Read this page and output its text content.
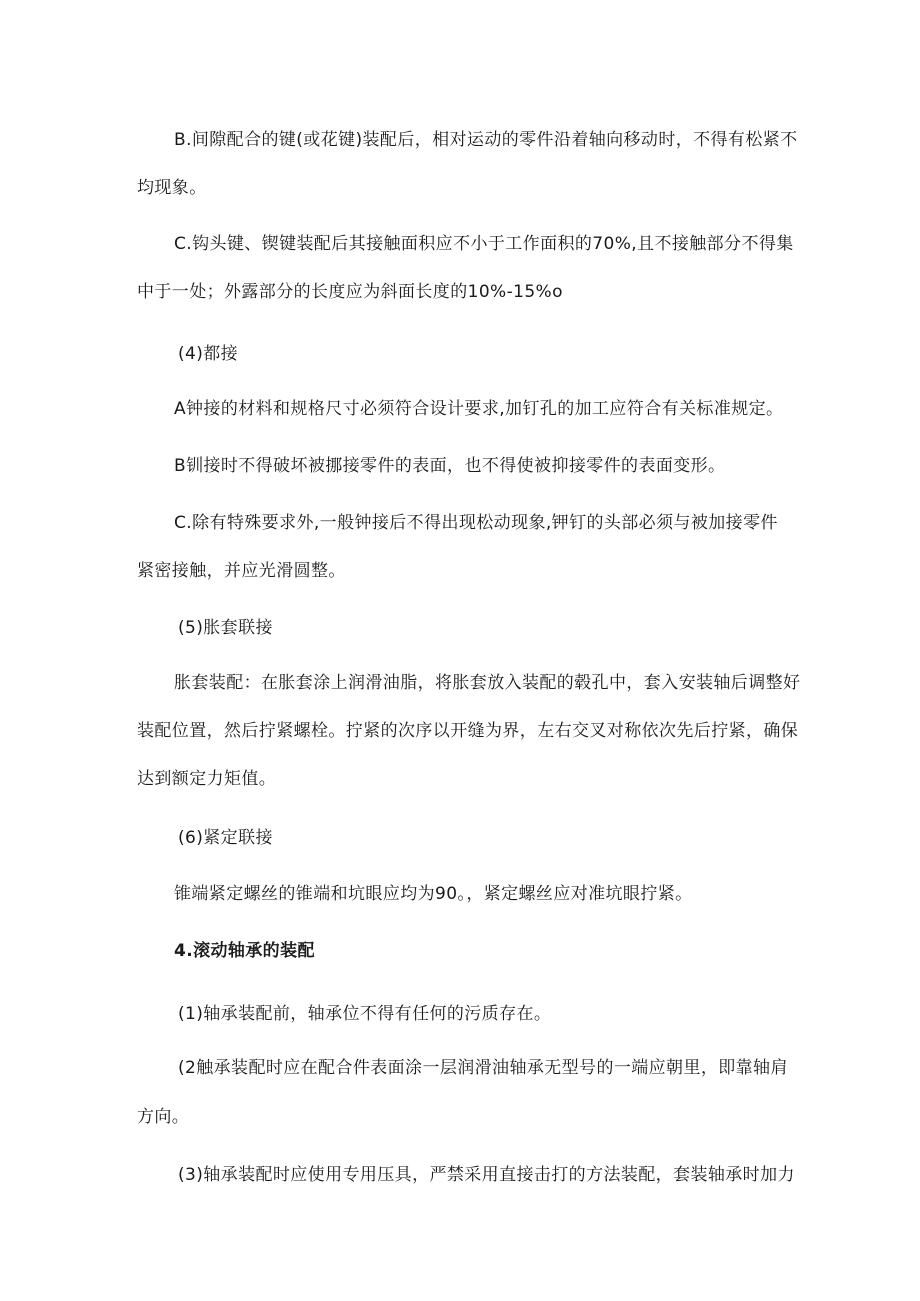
B.间隙配合的键(或花键)装配后，相对运动的零件沿着轴向移动时，不得有松紧不
均现象。
C.钩头键、锲键装配后其接触面积应不小于工作面积的70%,且不接触部分不得集
中于一处；外露部分的长度应为斜面长度的10%-15%o
(4)都接
A钟接的材料和规格尺寸必须符合设计要求,加钉孔的加工应符合有关标准规定。
B钏接时不得破坏被挪接零件的表面，也不得使被抑接零件的表面变形。
C.除有特殊要求外,一般钟接后不得出现松动现象,钾钉的头部必须与被加接零件
紧密接触，并应光滑圆整。
(5)胀套联接
胀套装配：在胀套涂上润滑油脂，将胀套放入装配的毂孔中，套入安装轴后调整好
装配位置，然后拧紧螺栓。拧紧的次序以开缝为界，左右交叉对称依次先后拧紧，确保
达到额定力矩值。
(6)紧定联接
锥端紧定螺丝的锥端和坑眼应均为90。，紧定螺丝应对准坑眼拧紧。
4.滚动轴承的装配
(1)轴承装配前，轴承位不得有任何的污质存在。
(2触承装配时应在配合件表面涂一层润滑油轴承无型号的一端应朝里，即靠轴肩
方向。
(3)轴承装配时应使用专用压具，严禁采用直接击打的方法装配，套装轴承时加力
